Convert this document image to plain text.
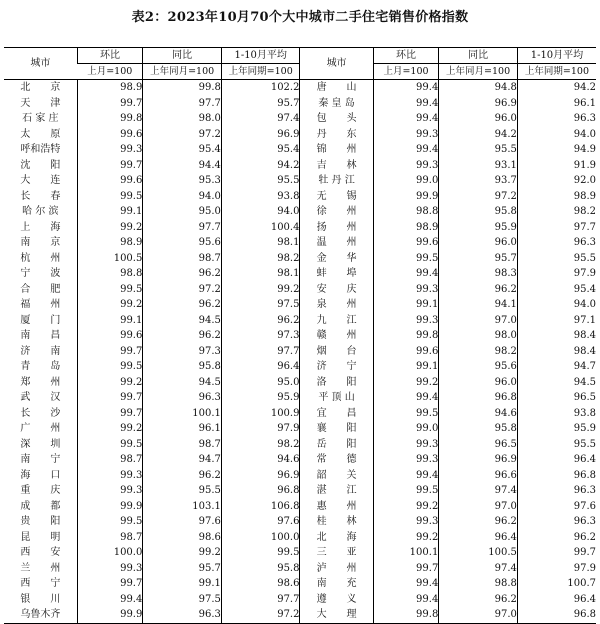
表2：2023年10月70个大中城市二手住宅销售价格指数
城市	环比	同比	1-10月平均	城市	环比	同比	1-10月平均
	上月=100	上年同月=100	上年同期=100		上月=100	上年同月=100	上年同期=100
北　　京	98.9	99.8	102.2	唐　　山	99.4	94.8	94.2
天　　津	99.7	97.7	95.7	秦 皇 岛	99.4	96.9	96.1
石 家 庄	99.8	98.0	97.4	包　　头	99.4	96.0	96.3
太　　原	99.6	97.2	96.9	丹　　东	99.3	94.2	94.0
呼和浩特	99.3	95.4	95.4	锦　　州	99.4	95.5	94.9
沈　　阳	99.7	94.4	94.2	吉　　林	99.3	93.1	91.9
大　　连	99.6	95.3	95.5	牡 丹 江	99.0	93.7	92.0
长　　春	99.5	94.0	93.8	无　　锡	99.9	97.2	98.9
哈 尔 滨	99.1	95.0	94.0	徐　　州	98.8	95.8	98.2
上　　海	99.2	97.7	100.4	扬　　州	98.9	95.9	97.7
南　　京	98.9	95.6	98.1	温　　州	99.6	96.0	96.3
杭　　州	100.5	98.7	98.2	金　　华	99.5	95.7	95.5
宁　　波	98.8	96.2	98.1	蚌　　埠	99.4	98.3	97.9
合　　肥	99.5	97.2	99.2	安　　庆	99.3	96.2	95.4
福　　州	99.2	96.2	97.5	泉　　州	99.1	94.1	94.0
厦　　门	99.1	94.5	96.2	九　　江	99.3	97.0	97.1
南　　昌	99.6	96.2	97.3	赣　　州	99.8	98.0	98.4
济　　南	99.7	97.3	97.7	烟　　台	99.6	98.2	98.4
青　　岛	99.5	95.8	96.4	济　　宁	99.1	95.6	94.7
郑　　州	99.2	94.5	95.0	洛　　阳	99.2	96.0	94.5
武　　汉	99.7	96.3	95.9	平 顶 山	99.4	96.8	96.5
长　　沙	99.7	100.1	100.9	宜　　昌	99.5	94.6	93.8
广　　州	99.2	96.1	97.9	襄　　阳	99.0	95.8	95.9
深　　圳	99.5	98.7	98.2	岳　　阳	99.3	96.5	95.5
南　　宁	98.7	94.7	94.6	常　　德	99.3	96.9	96.4
海　　口	99.3	96.2	96.9	韶　　关	99.4	96.6	96.8
重　　庆	99.3	95.5	96.8	湛　　江	99.5	97.4	96.3
成　　都	99.9	103.1	106.8	惠　　州	99.2	97.0	97.6
贵　　阳	99.5	97.6	97.6	桂　　林	99.3	96.2	96.3
昆　　明	98.7	98.6	100.0	北　　海	99.2	96.4	96.2
西　　安	100.0	99.2	99.5	三　　亚	100.1	100.5	99.7
兰　　州	99.3	95.7	95.8	泸　　州	99.7	97.4	97.9
西　　宁	99.7	99.1	98.6	南　　充	99.4	98.8	100.7
银　　川	99.4	97.5	97.7	遵　　义	99.4	96.2	96.4
乌鲁木齐	99.9	96.3	97.2	大　　理	99.8	97.0	96.8
